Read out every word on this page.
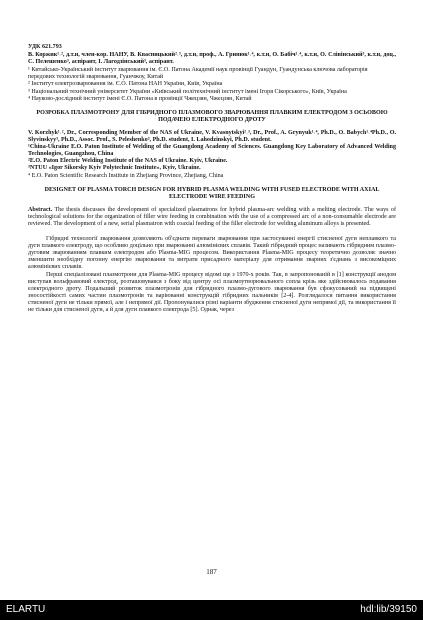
УДК 621.793
В. Коржик¹˒², д.т.н, член-кор. НАНУ, В. Квасницький²˒³, д.т.н, проф., А. Гринюк¹˒⁴, к.т.н, О. Бабіч¹˒⁴, к.т.н, О. Слівінський³, к.т.н, доц., С. Пелешенко³, аспірант, І. Лагодзінський³, аспірант.
¹ Китайсько-Український інститут зварювання ім. Є.О. Патона Академії наук провінції Гуандун, Гуандунська ключова лабораторія передових технологій зварювання, Гуанчжоу, Китай
² Інститут електрозварювання ім. Є.О. Патона НАН України, Київ, Україна
³ Національний технічний університет України «Київський політехнічний інститут імені Ігоря Сікорського», Київ, Україна
⁴ Науково-дослідний інститут імені Є.О. Патона в провінції Чжецзян, Чжецзян, Китай
РОЗРОБКА ПЛАЗМОТРОНУ ДЛЯ ГІБРИДНОГО ПЛАЗМОВОГО ЗВАРЮВАННЯ ПЛАВКИМ ЕЛЕКТРОДОМ З ОСЬОВОЮ ПОДАЧЕЮ ЕЛЕКТРОДНОГО ДРОТУ
V. Korzhyk¹˒², Dr., Corresponding Member of the NAS of Ukraine, V. Kvasnytskyi²˒³, Dr., Prof., A. Grynyuk¹˒⁴, Ph.D., O. Babych¹˒⁴Ph.D., O. Slyvinskyy³, Ph.D., Assoc. Prof., S. Peleshenko³, Ph.D. student, I. Lahodzinskyi, Ph.D. student.
¹China-Ukraine E.O. Paton Institute of Welding of the Guangdong Academy of Sciences. Guangdong Key Laboratory of Advanced Welding Technologies, Guangzhou, China
²E.O. Paton Electric Welding Institute of the NAS of Ukraine. Kyiv, Ukraine.
³NTUU «Igor Sikorsky Kyiv Polytechnic Institute», Kyiv, Ukraine.
⁴ E.O. Paton Scientific Research Institute in Zhejiang Province, Zhejiang, China
DESIGNET OF PLASMA TORCH DESIGN FOR HYBRID PLASMA WELDING WITH FUSED ELECTRODE WITH AXIAL ELECTRODE WIRE FEEDING
Abstract. The thesis discusses the development of specialized plasmatrons for hybrid plasma-arc welding with a melting electrode. The ways of technological solutions for the organization of filler wire feeding in combination with the use of a compressed arc of a non-consumable electrode are reviewed. The development of a new, serial plasmatron with coaxial feeding of the filler electrode for welding aluminum alloys is presented.

Гібридні технології зварювання дозволяють об'єднати переваги зварювання при застосуванні енергії стисненої дуги неплавкого та дуги плавкого електроду, що особливо доцільно при зварюванні алюмінієвих сплавів. Такий гібридний процес називають гібридним плазмо-дуговим зварюванням плавким електродом або Plasma-MIG процесом. Використання Plasma-MIG процесу теоретично дозволяє значно зменшити необхідну погонну енергію зварювання та витрати присадного матеріалу для отримання зварних з'єднань з високоміцних алюмінієвих сплавів.

Перші спеціалізовані плазмотрони для Plasma-MIG процесу відомі ще з 1970-х років. Так, в запропонованій в [1] конструкції анодом виступав вольфрамовий електрод, розташовувався з боку від центру осі плазмоутворювального сопла крізь яке здійснювалось подавання електродного дроту. Подальший розвиток плазмотронів для гібридного плазмо-дугового зварювання був сфокусований на підвищені зносостійкості самих частин плазмотронів та варіюванні конструкцій гібридних пальників [2-4]. Розглядалося питання використання стисненої дуги не тільки прямої, але і непрямої дії. Пропонувалися різні варіанти збудження стисненої дуги непрямої дії, та використання її не тільки для стисненої дуги, а й для дуги плавкого електрода [5]. Однак, через

187
ELARTU	hdl:lib/39150
